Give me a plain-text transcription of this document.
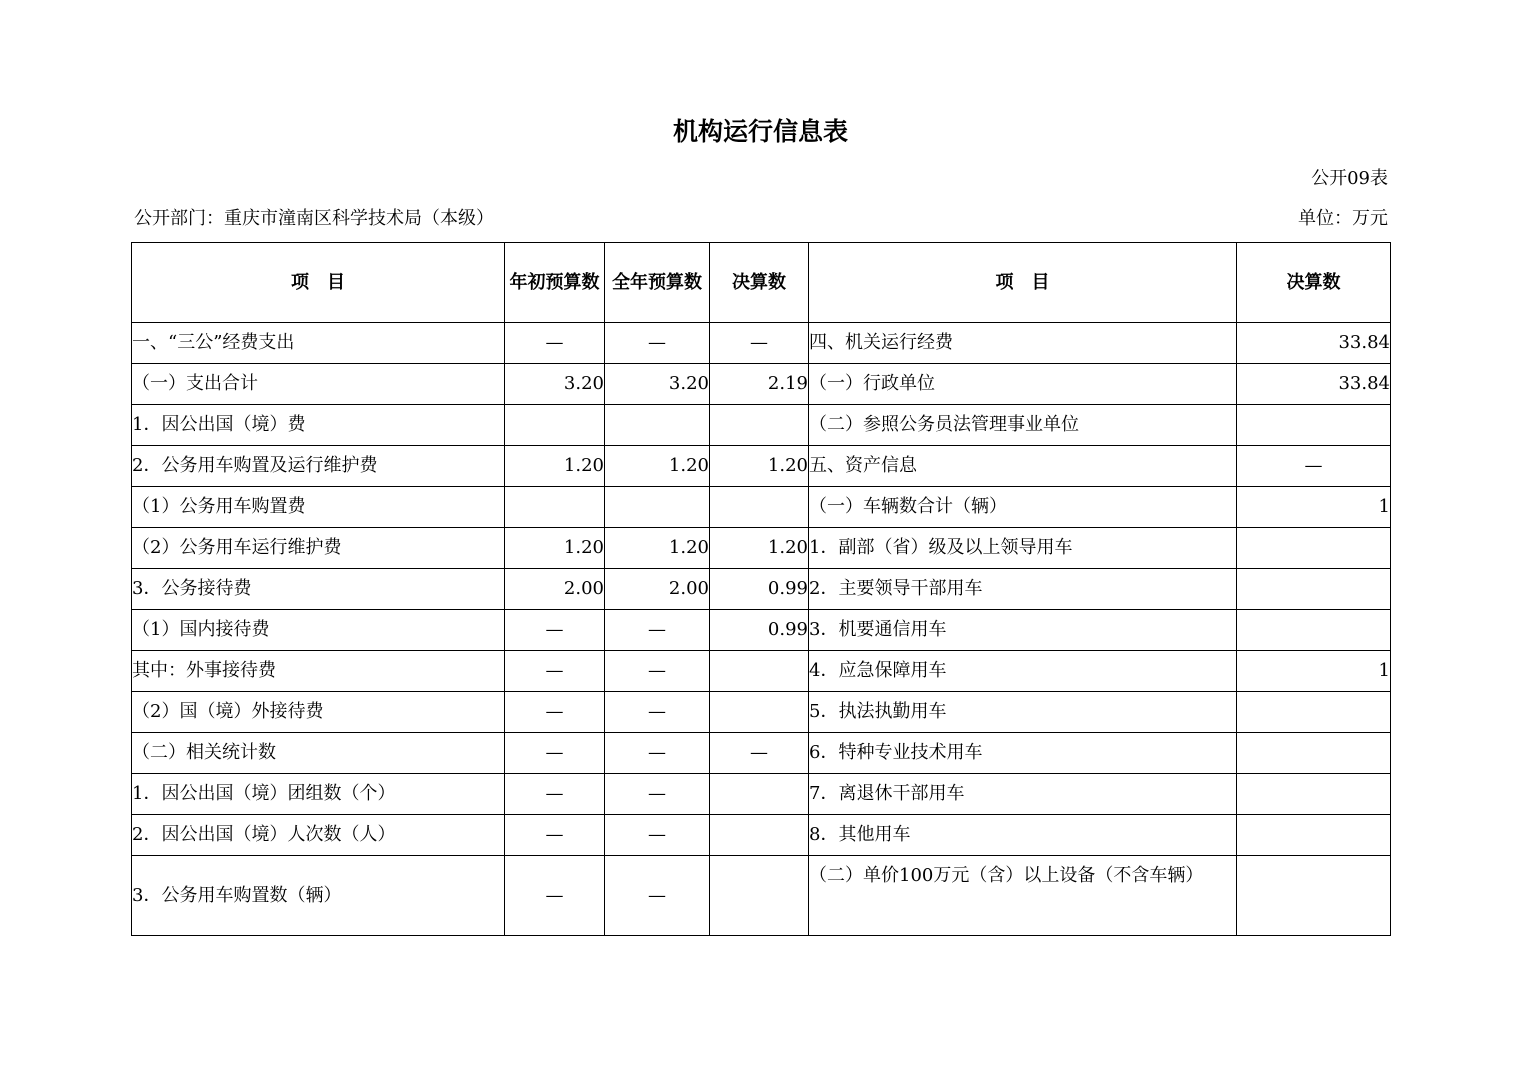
机构运行信息表
公开09表
公开部门：重庆市潼南区科学技术局（本级）	单位：万元
项　目	年初预算数	全年预算数	决算数	项　目	决算数
一、“三公”经费支出	—	—	—	四、机关运行经费	33.84
（一）支出合计	3.20	3.20	2.19	（一）行政单位	33.84
1．因公出国（境）费				（二）参照公务员法管理事业单位	
2．公务用车购置及运行维护费	1.20	1.20	1.20	五、资产信息	—
（1）公务用车购置费				（一）车辆数合计（辆）	1
（2）公务用车运行维护费	1.20	1.20	1.20	1．副部（省）级及以上领导用车	
3．公务接待费	2.00	2.00	0.99	2．主要领导干部用车	
（1）国内接待费	—	—	0.99	3．机要通信用车	
其中：外事接待费	—	—		4．应急保障用车	1
（2）国（境）外接待费	—	—		5．执法执勤用车	
（二）相关统计数	—	—	—	6．特种专业技术用车	
1．因公出国（境）团组数（个）	—	—		7．离退休干部用车	
2．因公出国（境）人次数（人）	—	—		8．其他用车	
3．公务用车购置数（辆）	—	—		（二）单价100万元（含）以上设备（不含车辆）	
